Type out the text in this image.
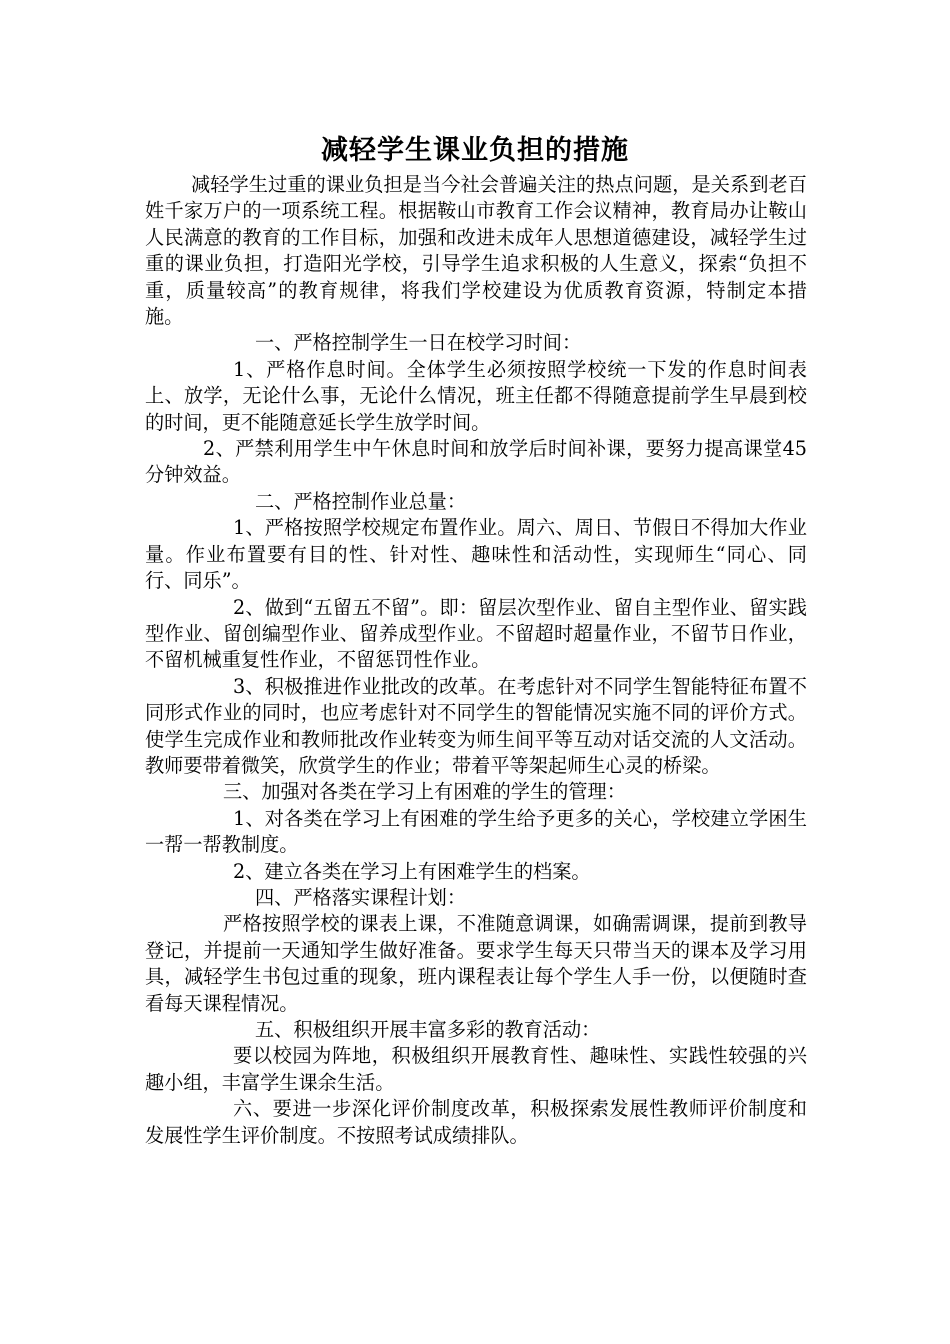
减轻学生课业负担的措施

减轻学生过重的课业负担是当今社会普遍关注的热点问题，是关系到老百姓千家万户的一项系统工程。根据鞍山市教育工作会议精神，教育局办让鞍山人民满意的教育的工作目标，加强和改进未成年人思想道德建设，减轻学生过重的课业负担，打造阳光学校，引导学生追求积极的人生意义，探索“负担不重，质量较高”的教育规律，将我们学校建设为优质教育资源，特制定本措施。

一、严格控制学生一日在校学习时间：

1、严格作息时间。全体学生必须按照学校统一下发的作息时间表上、放学，无论什么事，无论什么情况，班主任都不得随意提前学生早晨到校的时间，更不能随意延长学生放学时间。

2、严禁利用学生中午休息时间和放学后时间补课，要努力提高课堂45分钟效益。

二、严格控制作业总量：

1、严格按照学校规定布置作业。周六、周日、节假日不得加大作业量。作业布置要有目的性、针对性、趣味性和活动性，实现师生“同心、同行、同乐”。

2、做到“五留五不留”。即：留层次型作业、留自主型作业、留实践型作业、留创编型作业、留养成型作业。不留超时超量作业，不留节日作业，不留机械重复性作业，不留惩罚性作业。

3、积极推进作业批改的改革。在考虑针对不同学生智能特征布置不同形式作业的同时，也应考虑针对不同学生的智能情况实施不同的评价方式。使学生完成作业和教师批改作业转变为师生间平等互动对话交流的人文活动。教师要带着微笑，欣赏学生的作业；带着平等架起师生心灵的桥梁。

三、加强对各类在学习上有困难的学生的管理：

1、对各类在学习上有困难的学生给予更多的关心，学校建立学困生一帮一帮教制度。

2、建立各类在学习上有困难学生的档案。

四、严格落实课程计划：

严格按照学校的课表上课，不准随意调课，如确需调课，提前到教导登记，并提前一天通知学生做好准备。要求学生每天只带当天的课本及学习用具，减轻学生书包过重的现象，班内课程表让每个学生人手一份，以便随时查看每天课程情况。

五、积极组织开展丰富多彩的教育活动：

要以校园为阵地，积极组织开展教育性、趣味性、实践性较强的兴趣小组，丰富学生课余生活。

六、要进一步深化评价制度改革，积极探索发展性教师评价制度和发展性学生评价制度。不按照考试成绩排队。
